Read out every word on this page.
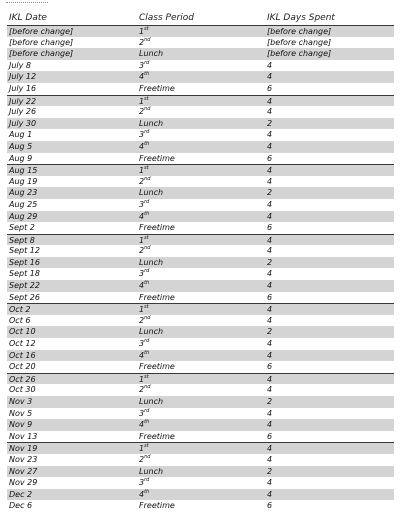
IKL Date	Class Period	IKL Days Spent
[before change]	1st	[before change]
[before change]	2nd	[before change]
[before change]	Lunch	[before change]
July 8	3rd	4
July 12	4th	4
July 16	Freetime	6
July 22	1st	4
July 26	2nd	4
July 30	Lunch	2
Aug 1	3rd	4
Aug 5	4th	4
Aug 9	Freetime	6
Aug 15	1st	4
Aug 19	2nd	4
Aug 23	Lunch	2
Aug 25	3rd	4
Aug 29	4th	4
Sept 2	Freetime	6
Sept 8	1st	4
Sept 12	2nd	4
Sept 16	Lunch	2
Sept 18	3rd	4
Sept 22	4th	4
Sept 26	Freetime	6
Oct 2	1st	4
Oct 6	2nd	4
Oct 10	Lunch	2
Oct 12	3rd	4
Oct 16	4th	4
Oct 20	Freetime	6
Oct 26	1st	4
Oct 30	2nd	4
Nov 3	Lunch	2
Nov 5	3rd	4
Nov 9	4th	4
Nov 13	Freetime	6
Nov 19	1st	4
Nov 23	2nd	4
Nov 27	Lunch	2
Nov 29	3rd	4
Dec 2	4th	4
Dec 6	Freetime	6
